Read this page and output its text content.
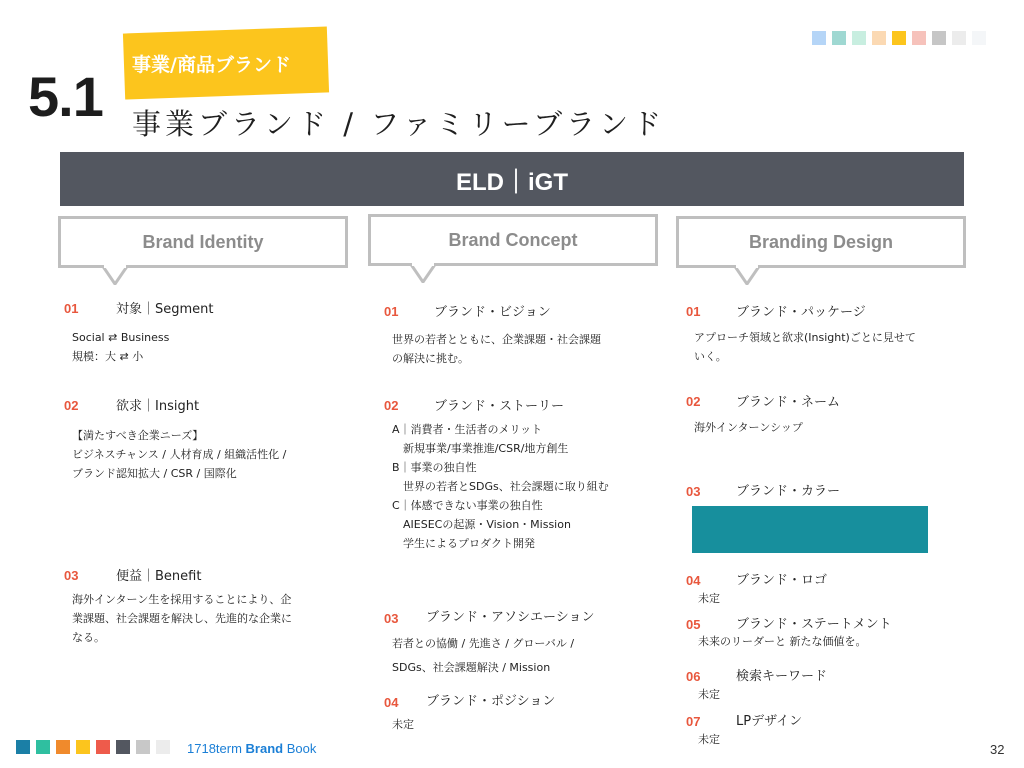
事業/商品ブランド
5.1 事業ブランド / ファミリーブランド
ELD｜iGT
Brand Identity	Brand Concept	Branding Design
01	対象｜Segment
Social ⇄ Business
規模：大 ⇄ 小
02	欲求｜Insight
【満たすべき企業ニーズ】
ビジネスチャンス / 人材育成 / 組織活性化 /
ブランド認知拡大 / CSR / 国際化
03	便益｜Benefit
海外インターン生を採用することにより、企
業課題、社会課題を解決し、先進的な企業に
なる。
01	ブランド・ビジョン
世界の若者とともに、企業課題・社会課題
の解決に挑む。
02	ブランド・ストーリー
A｜消費者・生活者のメリット
　新規事業/事業推進/CSR/地方創生
B｜事業の独自性
　世界の若者とSDGs、社会課題に取り組む
C｜体感できない事業の独自性
　AIESECの起源・Vision・Mission
　学生によるプロダクト開発
03 ブランド・アソシエーション
若者との協働 / 先進さ / グローバル /
SDGs、社会課題解決 / Mission
04 ブランド・ポジション
未定
01	ブランド・パッケージ
アプローチ領域と欲求(Insight)ごとに見せて
いく。
02	ブランド・ネーム
海外インターンシップ
03	ブランド・カラー
04	ブランド・ロゴ
未定
05	ブランド・ステートメント
未来のリーダーと 新たな価値を。
06	検索キーワード
未定
07	LPデザイン
未定
1718term Brand Book	32
